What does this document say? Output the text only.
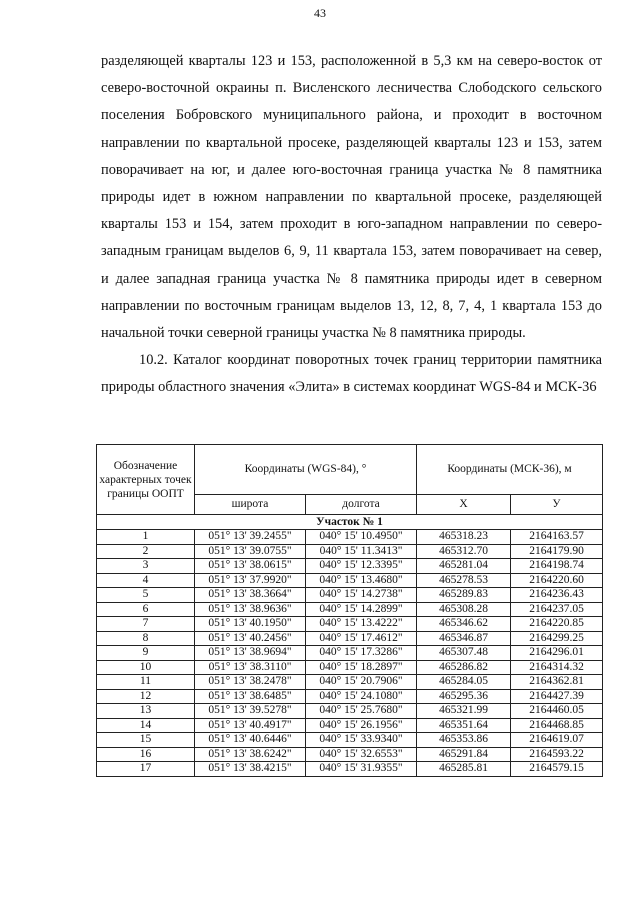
43

разделяющей кварталы 123 и 153, расположенной в 5,3 км на северо-восток от северо-восточной окраины п. Висленского лесничества Слободского сельского поселения Бобровского муниципального района, и проходит в восточном направлении по квартальной просеке, разделяющей кварталы 123 и 153, затем поворачивает на юг, и далее юго-восточная граница участка № 8 памятника природы идет в южном направлении по квартальной просеке, разделяющей кварталы 153 и 154, затем проходит в юго-западном направлении по северо-западным границам выделов 6, 9, 11 квартала 153, затем поворачивает на север, и далее западная граница участка № 8 памятника природы идет в северном направлении по восточным границам выделов 13, 12, 8, 7, 4, 1 квартала 153 до начальной точки северной границы участка № 8 памятника природы.

10.2. Каталог координат поворотных точек границ территории памятника природы областного значения «Элита» в системах координат WGS-84 и МСК-36

Обозначение характерных точек границы ООПТ	Координаты (WGS-84), °		Координаты (МСК-36), м	
	широта	долгота	X	У
Участок № 1				
1	051° 13' 39.2455"	040° 15' 10.4950"	465318.23	2164163.57
2	051° 13' 39.0755"	040° 15' 11.3413"	465312.70	2164179.90
3	051° 13' 38.0615"	040° 15' 12.3395"	465281.04	2164198.74
4	051° 13' 37.9920"	040° 15' 13.4680"	465278.53	2164220.60
5	051° 13' 38.3664"	040° 15' 14.2738"	465289.83	2164236.43
6	051° 13' 38.9636"	040° 15' 14.2899"	465308.28	2164237.05
7	051° 13' 40.1950"	040° 15' 13.4222"	465346.62	2164220.85
8	051° 13' 40.2456"	040° 15' 17.4612"	465346.87	2164299.25
9	051° 13' 38.9694"	040° 15' 17.3286"	465307.48	2164296.01
10	051° 13' 38.3110"	040° 15' 18.2897"	465286.82	2164314.32
11	051° 13' 38.2478"	040° 15' 20.7906"	465284.05	2164362.81
12	051° 13' 38.6485"	040° 15' 24.1080"	465295.36	2164427.39
13	051° 13' 39.5278"	040° 15' 25.7680"	465321.99	2164460.05
14	051° 13' 40.4917"	040° 15' 26.1956"	465351.64	2164468.85
15	051° 13' 40.6446"	040° 15' 33.9340"	465353.86	2164619.07
16	051° 13' 38.6242"	040° 15' 32.6553"	465291.84	2164593.22
17	051° 13' 38.4215"	040° 15' 31.9355"	465285.81	2164579.15
